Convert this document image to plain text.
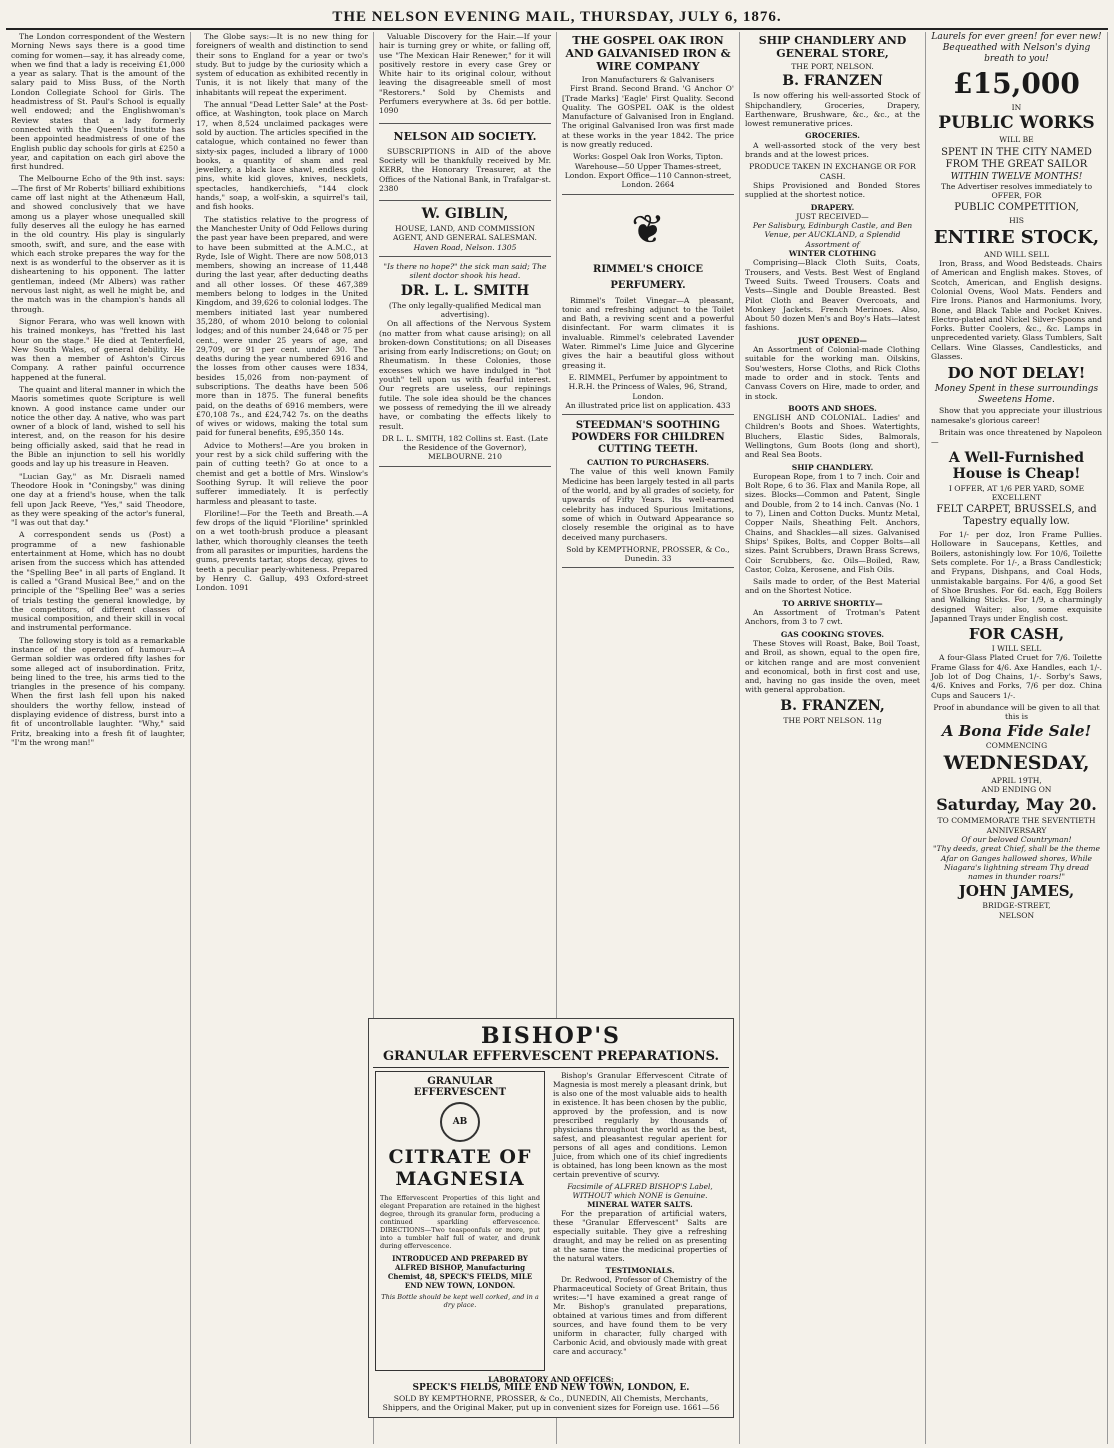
THE NELSON EVENING MAIL, THURSDAY, JULY 6, 1876.

The London correspondent of the Western Morning News says there is a good time coming for women—say, it has already come, when we find that a lady is receiving £1,000 a year as salary. That is the amount of the salary paid to Miss Buss, of the North London Collegiate School for Girls. The headmistress of St. Paul's School is equally well endowed; and the Englishwoman's Review states that a lady formerly connected with the Queen's Institute has been appointed headmistress of one of the English public day schools for girls at £250 a year, and capitation on each girl above the first hundred.

The Melbourne Echo of the 9th inst. says:—The first of Mr Roberts' billiard exhibitions came off last night at the Athenæum Hall, and showed conclusively that we have among us a player whose unequalled skill fully deserves all the eulogy he has earned in the old country. His play is singularly smooth, swift, and sure, and the ease with which each stroke prepares the way for the next is as wonderful to the observer as it is disheartening to his opponent. The latter gentleman, indeed (Mr Albers) was rather nervous last night, as well he might be, and the match was in the champion's hands all through.

Signor Ferara, who was well known with his trained monkeys, has "fretted his last hour on the stage." He died at Tenterfield, New South Wales, of general debility. He was then a member of Ashton's Circus Company. A rather painful occurrence happened at the funeral.

The quaint and literal manner in which the Maoris sometimes quote Scripture is well known. A good instance came under our notice the other day. A native, who was part owner of a block of land, wished to sell his interest, and, on the reason for his desire being officially asked, said that he read in the Bible an injunction to sell his worldly goods and lay up his treasure in Heaven.

"Lucian Gay," as Mr. Disraeli named Theodore Hook in "Coningsby," was dining one day at a friend's house, when the talk fell upon Jack Reeve, "Yes," said Theodore, as they were speaking of the actor's funeral, "I was out that day."

A correspondent sends us (Post) a programme of a new fashionable entertainment at Home, which has no doubt arisen from the success which has attended the "Spelling Bee" in all parts of England. It is called a "Grand Musical Bee," and on the principle of the "Spelling Bee" was a series of trials testing the general knowledge, by the competitors, of different classes of musical composition, and their skill in vocal and instrumental performance.

The following story is told as a remarkable instance of the operation of humour:—A German soldier was ordered fifty lashes for some alleged act of insubordination. Fritz, being lined to the tree, his arms tied to the triangles in the presence of his company. When the first lash fell upon his naked shoulders the worthy fellow, instead of displaying evidence of distress, burst into a fit of uncontrollable laughter. "Why," said Fritz, breaking into a fresh fit of laughter, "I'm the wrong man!"

The Globe says:—It is no new thing for foreigners of wealth and distinction to send their sons to England for a year or two's study. But to judge by the curiosity which a system of education as exhibited recently in Tunis, it is not likely that many of the inhabitants will repeat the experiment.

The annual "Dead Letter Sale" at the Post-office, at Washington, took place on March 17, when 8,524 unclaimed packages were sold by auction. The articles specified in the catalogue, which contained no fewer than sixty-six pages, included a library of 1000 books, a quantity of sham and real jewellery, a black lace shawl, endless gold pins, white kid gloves, knives, necklets, spectacles, handkerchiefs, "144 clock hands," soap, a wolf-skin, a squirrel's tail, and fish hooks.

The statistics relative to the progress of the Manchester Unity of Odd Fellows during the past year have been prepared, and were to have been submitted at the A.M.C., at Ryde, Isle of Wight. There are now 508,013 members, showing an increase of 11,448 during the last year, after deducting deaths and all other losses. Of these 467,389 members belong to lodges in the United Kingdom, and 39,626 to colonial lodges. The members initiated last year numbered 35,280, of whom 2010 belong to colonial lodges; and of this number 24,648 or 75 per cent., were under 25 years of age, and 29,709, or 91 per cent. under 30. The deaths during the year numbered 6916 and the losses from other causes were 1834, besides 15,026 from non-payment of subscriptions. The deaths have been 506 more than in 1875. The funeral benefits paid, on the deaths of 6916 members, were £70,108 7s., and £24,742 7s. on the deaths of wives or widows, making the total sum paid for funeral benefits, £95,350 14s.

Advice to Mothers!—Are you broken in your rest by a sick child suffering with the pain of cutting teeth? Go at once to a chemist and get a bottle of Mrs. Winslow's Soothing Syrup. It will relieve the poor sufferer immediately. It is perfectly harmless and pleasant to taste.

Floriline!—For the Teeth and Breath.—A few drops of the liquid "Floriline" sprinkled on a wet tooth-brush produce a pleasant lather, which thoroughly cleanses the teeth from all parasites or impurities, hardens the gums, prevents tartar, stops decay, gives to teeth a peculiar pearly-whiteness. Prepared by Henry C. Gallup, 493 Oxford-street London. 1091

Valuable Discovery for the Hair.—If your hair is turning grey or white, or falling off, use "The Mexican Hair Renewer," for it will positively restore in every case Grey or White hair to its original colour, without leaving the disagreeable smell of most "Restorers." Sold by Chemists and Perfumers everywhere at 3s. 6d per bottle. 1090

NELSON AID SOCIETY.

SUBSCRIPTIONS in AID of the above Society will be thankfully received by Mr. KERR, the Honorary Treasurer, at the Offices of the National Bank, in Trafalgar-st. 2380

W. GIBLIN,
HOUSE, LAND, AND COMMISSION AGENT, AND GENERAL SALESMAN.
Haven Road, Nelson. 1305
"Is there no hope?" the sick man said; The silent doctor shook his head.
DR. L. L. SMITH
(The only legally-qualified Medical man advertising).

On all affections of the Nervous System (no matter from what cause arising); on all broken-down Constitutions; on all Diseases arising from early Indiscretions; on Gout; on Rheumatism. In these Colonies, those excesses which we have indulged in "hot youth" tell upon us with fearful interest. Our regrets are useless, our repinings futile. The sole idea should be the chances we possess of remedying the ill we already have, or combating the effects likely to result.

DR L. L. SMITH, 182 Collins st. East. (Late the Residence of the Governor), MELBOURNE. 210
THE GOSPEL OAK IRON AND GALVANISED IRON & WIRE COMPANY
Iron Manufacturers & Galvanisers

First Brand. Second Brand. 'G Anchor O' [Trade Marks] 'Eagle' First Quality. Second Quality. The GOSPEL OAK is the oldest Manufacture of Galvanised Iron in England. The original Galvanised Iron was first made at these works in the year 1842. The price is now greatly reduced.

Works: Gospel Oak Iron Works, Tipton. Warehouse—50 Upper Thames-street, London. Export Office—110 Cannon-street, London. 2664
❦
RIMMEL'S CHOICE PERFUMERY.

Rimmel's Toilet Vinegar—A pleasant, tonic and refreshing adjunct to the Toilet and Bath, a reviving scent and a powerful disinfectant. For warm climates it is invaluable. Rimmel's celebrated Lavender Water. Rimmel's Lime Juice and Glycerine gives the hair a beautiful gloss without greasing it.

E. RIMMEL, Perfumer by appointment to H.R.H. the Princess of Wales, 96, Strand, London.
An illustrated price list on application. 433
STEEDMAN'S SOOTHING POWDERS FOR CHILDREN CUTTING TEETH.
CAUTION TO PURCHASERS.

The value of this well known Family Medicine has been largely tested in all parts of the world, and by all grades of society, for upwards of Fifty Years. Its well-earned celebrity has induced Spurious Imitations, some of which in Outward Appearance so closely resemble the original as to have deceived many purchasers.

Sold by KEMPTHORNE, PROSSER, & Co., Dunedin. 33
SHIP CHANDLERY AND GENERAL STORE,
THE PORT, NELSON.
B. FRANZEN

Is now offering his well-assorted Stock of Shipchandlery, Groceries, Drapery, Earthenware, Brushware, &c., &c., at the lowest remunerative prices.

GROCERIES.

A well-assorted stock of the very best brands and at the lowest prices.

PRODUCE TAKEN IN EXCHANGE OR FOR CASH.

Ships Provisioned and Bonded Stores supplied at the shortest notice.

DRAPERY.
JUST RECEIVED—
Per Salisbury, Edinburgh Castle, and Ben Venue, per AUCKLAND, a Splendid Assortment of
WINTER CLOTHING

Comprising—Black Cloth Suits, Coats, Trousers, and Vests. Best West of England Tweed Suits. Tweed Trousers. Coats and Vests—Single and Double Breasted. Best Pilot Cloth and Beaver Overcoats, and Monkey Jackets. French Merinoes. Also, About 50 dozen Men's and Boy's Hats—latest fashions.

JUST OPENED—

An Assortment of Colonial-made Clothing suitable for the working man. Oilskins, Sou'westers, Horse Cloths, and Rick Cloths made to order and in stock. Tents and Canvass Covers on Hire, made to order, and in stock.

BOOTS AND SHOES.

ENGLISH AND COLONIAL. Ladies' and Children's Boots and Shoes. Watertights, Bluchers, Elastic Sides, Balmorals, Wellingtons, Gum Boots (long and short), and Real Sea Boots.

SHIP CHANDLERY.

European Rope, from 1 to 7 inch. Coir and Bolt Rope, 6 to 36. Flax and Manila Rope, all sizes. Blocks—Common and Patent, Single and Double, from 2 to 14 inch. Canvas (No. 1 to 7), Linen and Cotton Ducks. Muntz Metal, Copper Nails, Sheathing Felt. Anchors, Chains, and Shackles—all sizes. Galvanised Ships' Spikes, Bolts, and Copper Bolts—all sizes. Paint Scrubbers, Drawn Brass Screws, Coir Scrubbers, &c. Oils—Boiled, Raw, Castor, Colza, Kerosene, and Fish Oils.

Sails made to order, of the Best Material and on the Shortest Notice.

TO ARRIVE SHORTLY—

An Assortment of Trotman's Patent Anchors, from 3 to 7 cwt.

GAS COOKING STOVES.

These Stoves will Roast, Bake, Boil Toast, and Broil, as shown, equal to the open fire, or kitchen range and are most convenient and economical, both in first cost and use, and, having no gas inside the oven, meet with general approbation.

B. FRANZEN,
THE PORT NELSON. 11g
Laurels for ever green! for ever new! Bequeathed with Nelson's dying breath to you!
£15,000
IN
PUBLIC WORKS
WILL BE
SPENT IN THE CITY NAMED FROM THE GREAT SAILOR
WITHIN TWELVE MONTHS!
The Advertiser resolves immediately to OFFER, FOR
PUBLIC COMPETITION,
HIS
ENTIRE STOCK,
AND WILL SELL

Iron, Brass, and Wood Bedsteads. Chairs of American and English makes. Stoves, of Scotch, American, and English designs. Colonial Ovens, Wool Mats. Fenders and Fire Irons. Pianos and Harmoniums. Ivory, Bone, and Black Table and Pocket Knives. Electro-plated and Nickel Silver-Spoons and Forks. Butter Coolers, &c., &c. Lamps in unprecedented variety. Glass Tumblers, Salt Cellars. Wine Glasses, Candlesticks, and Glasses.

DO NOT DELAY!
Money Spent in these surroundings Sweetens Home.

Show that you appreciate your illustrious namesake's glorious career!

Britain was once threatened by Napoleon—

A Well-Furnished House is Cheap!
I OFFER, AT 1/6 PER YARD, SOME EXCELLENT
FELT CARPET, BRUSSELS, and Tapestry equally low.

For 1/- per doz, Iron Frame Pullies. Holloware in Saucepans, Kettles, and Boilers, astonishingly low. For 10/6, Toilette Sets complete. For 1/-, a Brass Candlestick; and Frypans, Dishpans, and Coal Hods, unmistakable bargains. For 4/6, a good Set of Shoe Brushes. For 6d. each, Egg Boilers and Walking Sticks. For 1/9, a charmingly designed Waiter; also, some exquisite Japanned Trays under English cost.

FOR CASH,
I WILL SELL

A four-Glass Plated Cruet for 7/6. Toilette Frame Glass for 4/6. Axe Handles, each 1/-. Job lot of Dog Chains, 1/-. Sorby's Saws, 4/6. Knives and Forks, 7/6 per doz. China Cups and Saucers 1/-.

Proof in abundance will be given to all that this is
A Bona Fide Sale!
COMMENCING
WEDNESDAY,
APRIL 19TH,
AND ENDING ON
Saturday, May 20.
TO COMMEMORATE THE SEVENTIETH ANNIVERSARY
Of our beloved Countryman!
"Thy deeds, great Chief, shall be the theme Afar on Ganges hallowed shores, While Niagara's lightning stream Thy dread names in thunder roars!"
JOHN JAMES,
BRIDGE-STREET,
NELSON
BISHOP'S
GRANULAR EFFERVESCENT PREPARATIONS.
GRANULAR EFFERVESCENT
AB
CITRATE OF MAGNESIA
The Effervescent Properties of this light and elegant Preparation are retained in the highest degree, through its granular form, producing a continued sparkling effervescence. DIRECTIONS—Two teaspoonfuls or more, put into a tumbler half full of water, and drunk during effervescence.
INTRODUCED AND PREPARED BY ALFRED BISHOP, Manufacturing Chemist, 48, SPECK'S FIELDS, MILE END NEW TOWN, LONDON.
This Bottle should be kept well corked, and in a dry place.

Bishop's Granular Effervescent Citrate of Magnesia is most merely a pleasant drink, but is also one of the most valuable aids to health in existence. It has been chosen by the public, approved by the profession, and is now prescribed regularly by thousands of physicians throughout the world as the best, safest, and pleasantest regular aperient for persons of all ages and conditions. Lemon Juice, from which one of its chief ingredients is obtained, has long been known as the most certain preventive of scurvy.

Facsimile of ALFRED BISHOP'S Label, WITHOUT which NONE is Genuine.
MINERAL WATER SALTS.

For the preparation of artificial waters, these "Granular Effervescent" Salts are especially suitable. They give a refreshing draught, and may be relied on as presenting at the same time the medicinal properties of the natural waters.

TESTIMONIALS.

Dr. Redwood, Professor of Chemistry of the Pharmaceutical Society of Great Britain, thus writes:—"I have examined a great range of Mr. Bishop's granulated preparations, obtained at various times and from different sources, and have found them to be very uniform in character, fully charged with Carbonic Acid, and obviously made with great care and accuracy."

LABORATORY AND OFFICES:
SPECK'S FIELDS, MILE END NEW TOWN, LONDON, E.
SOLD BY KEMPTHORNE, PROSSER, & Co., DUNEDIN, All Chemists, Merchants, Shippers, and the Original Maker, put up in convenient sizes for Foreign use. 1661—56
